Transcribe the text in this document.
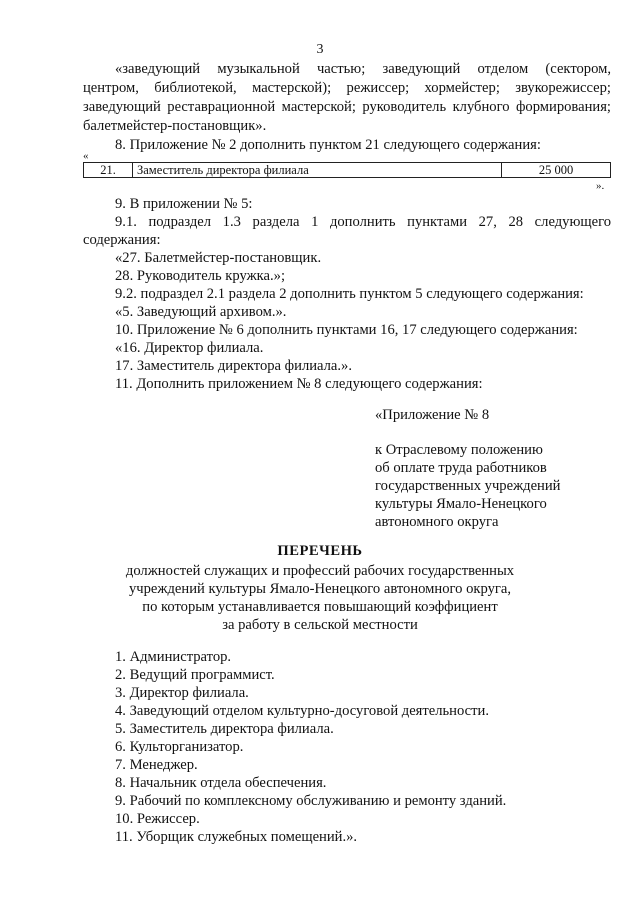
3
«заведующий музыкальной частью; заведующий отделом (сектором,
центром, библиотекой, мастерской); режиссер; хормейстер; звукорежиссер;
заведующий реставрационной мастерской; руководитель клубного формирования;
балетмейстер-постановщик».
8. Приложение № 2 дополнить пунктом 21 следующего содержания:
«
21.	Заместитель директора филиала	25 000
».
9. В приложении № 5:
9.1. подраздел 1.3 раздела 1 дополнить пунктами 27, 28 следующего
содержания:
«27. Балетмейстер-постановщик.
28. Руководитель кружка.»;
9.2. подраздел 2.1 раздела 2 дополнить пунктом 5 следующего содержания:
«5. Заведующий архивом.».
10. Приложение № 6 дополнить пунктами 16, 17 следующего содержания:
«16. Директор филиала.
17. Заместитель директора филиала.».
11. Дополнить приложением № 8 следующего содержания:
«Приложение № 8
к Отраслевому положению
об оплате труда работников
государственных учреждений
культуры Ямало-Ненецкого
автономного округа
ПЕРЕЧЕНЬ
должностей служащих и профессий рабочих государственных
учреждений культуры Ямало-Ненецкого автономного округа,
по которым устанавливается повышающий коэффициент
за работу в сельской местности
1. Администратор.
2. Ведущий программист.
3. Директор филиала.
4. Заведующий отделом культурно-досуговой деятельности.
5. Заместитель директора филиала.
6. Культорганизатор.
7. Менеджер.
8. Начальник отдела обеспечения.
9. Рабочий по комплексному обслуживанию и ремонту зданий.
10. Режиссер.
11. Уборщик служебных помещений.».
